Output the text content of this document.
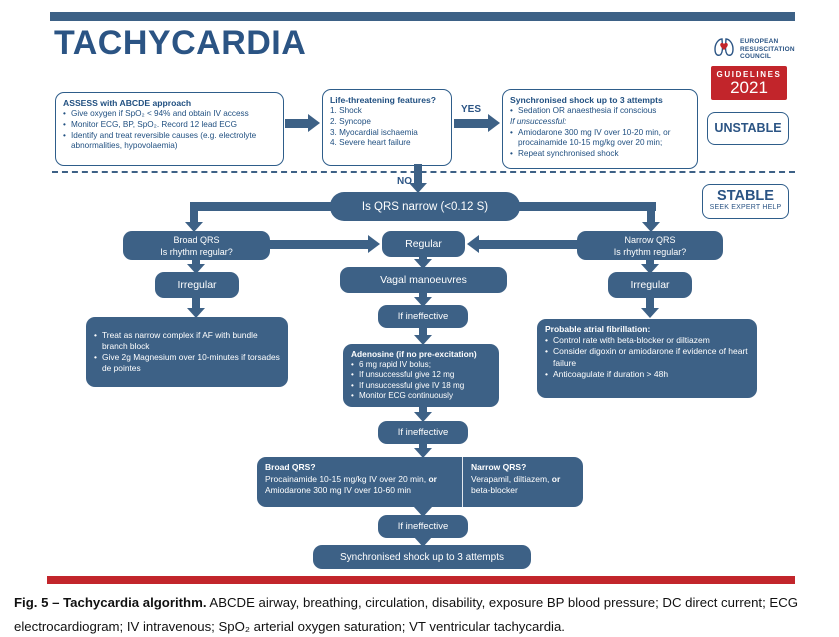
TACHYCARDIA	EUROPEAN
RESUSCITATION
COUNCIL
GUIDELINES
2021
ASSESS with ABCDE approach
• Give oxygen if SpO₂ < 94% and obtain IV access
• Monitor ECG, BP, SpO₂. Record 12 lead ECG
• Identify and treat reversible causes (e.g. electrolyte abnormalities, hypovolaemia)
Life-threatening features?
1. Shock
2. Syncope
3. Myocardial ischaemia
4. Severe heart failure
YES
Synchronised shock up to 3 attempts
• Sedation OR anaesthesia if conscious
If unsuccessful:
• Amiodarone 300 mg IV over 10-20 min, or procainamide 10-15 mg/kg over 20 min;
• Repeat synchronised shock
UNSTABLE
STABLE
SEEK EXPERT HELP
NO
Is QRS narrow (<0.12 S)
Broad QRS
Is rhythm regular?
Regular	Narrow QRS
Is rhythm regular?
Irregular	Vagal manoeuvres	Irregular
If ineffective
• Treat as narrow complex if AF with bundle branch block
• Give 2g Magnesium over 10-minutes if torsades de pointes
Probable atrial fibrillation:
• Control rate with beta-blocker or diltiazem
• Consider digoxin or amiodarone if evidence of heart failure
• Anticoagulate if duration > 48h
Adenosine (if no pre-excitation)
• 6 mg rapid IV bolus;
• If unsuccessful give 12 mg
• If unsuccessful give IV 18 mg
• Monitor ECG continuously
If ineffective
Broad QRS?
Procainamide 10-15 mg/kg IV over 20 min, or
Amiodarone 300 mg IV over 10-60 min
Narrow QRS?
Verapamil, diltiazem, or
beta-blocker
If ineffective
Synchronised shock up to 3 attempts
Fig. 5 – Tachycardia algorithm. ABCDE airway, breathing, circulation, disability, exposure BP blood pressure; DC direct current; ECG electrocardiogram; IV intravenous; SpO₂ arterial oxygen saturation; VT ventricular tachycardia.
